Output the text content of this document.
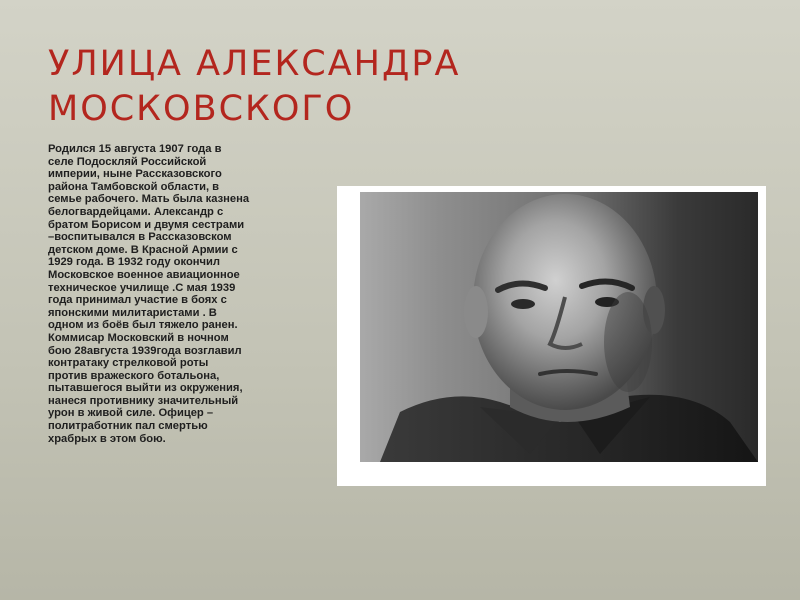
УЛИЦА АЛЕКСАНДРА
МОСКОВСКОГО
Родился 15 августа 1907 года в
селе Подоскляй Российской
империи, ныне Рассказовского
района Тамбовской области, в
семье рабочего. Мать была казнена
белогвардейцами. Александр с
братом Борисом и двумя сестрами
–воспитывался в Рассказовском
детском доме. В Красной Армии с
1929 года. В 1932 году окончил
Московское военное авиационное
техническое училище .С мая 1939
года принимал участие в боях с
японскими милитаристами . В
одном из боёв был тяжело ранен.
Коммисар Московский в ночном
бою 28августа 1939года возглавил
контратаку стрелковой роты
против вражеского ботальона,
пытавшегося выйти из окружения,
нанеся противнику значительный
урон в живой силе. Офицер –
политработник пал смертью
храбрых в этом бою.
